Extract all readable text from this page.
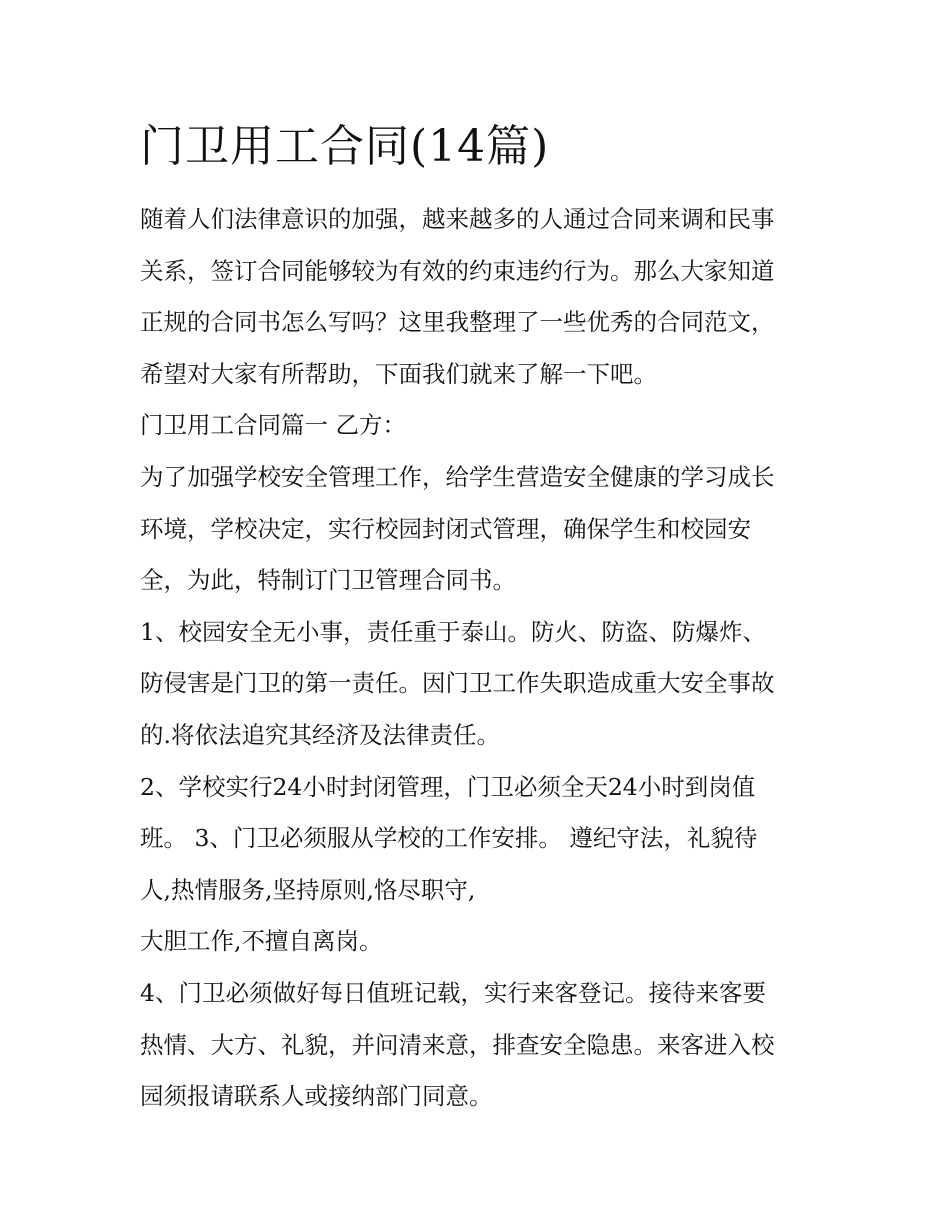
门卫用工合同(14篇)

随着人们法律意识的加强，越来越多的人通过合同来调和民事
关系，签订合同能够较为有效的约束违约行为。那么大家知道
正规的合同书怎么写吗？这里我整理了一些优秀的合同范文，
希望对大家有所帮助，下面我们就来了解一下吧。

门卫用工合同篇一 乙方：

为了加强学校安全管理工作，给学生营造安全健康的学习成长
环境，学校决定，实行校园封闭式管理，确保学生和校园安
全，为此，特制订门卫管理合同书。

1、校园安全无小事，责任重于泰山。防火、防盗、防爆炸、
防侵害是门卫的第一责任。因门卫工作失职造成重大安全事故
的.将依法追究其经济及法律责任。

2、学校实行24小时封闭管理，门卫必须全天24小时到岗值
班。 3、门卫必须服从学校的工作安排。 遵纪守法，礼貌待
人,热情服务,坚持原则,恪尽职守,

大胆工作,不擅自离岗。

4、门卫必须做好每日值班记载，实行来客登记。接待来客要
热情、大方、礼貌，并问清来意，排查安全隐患。来客进入校
园须报请联系人或接纳部门同意。
